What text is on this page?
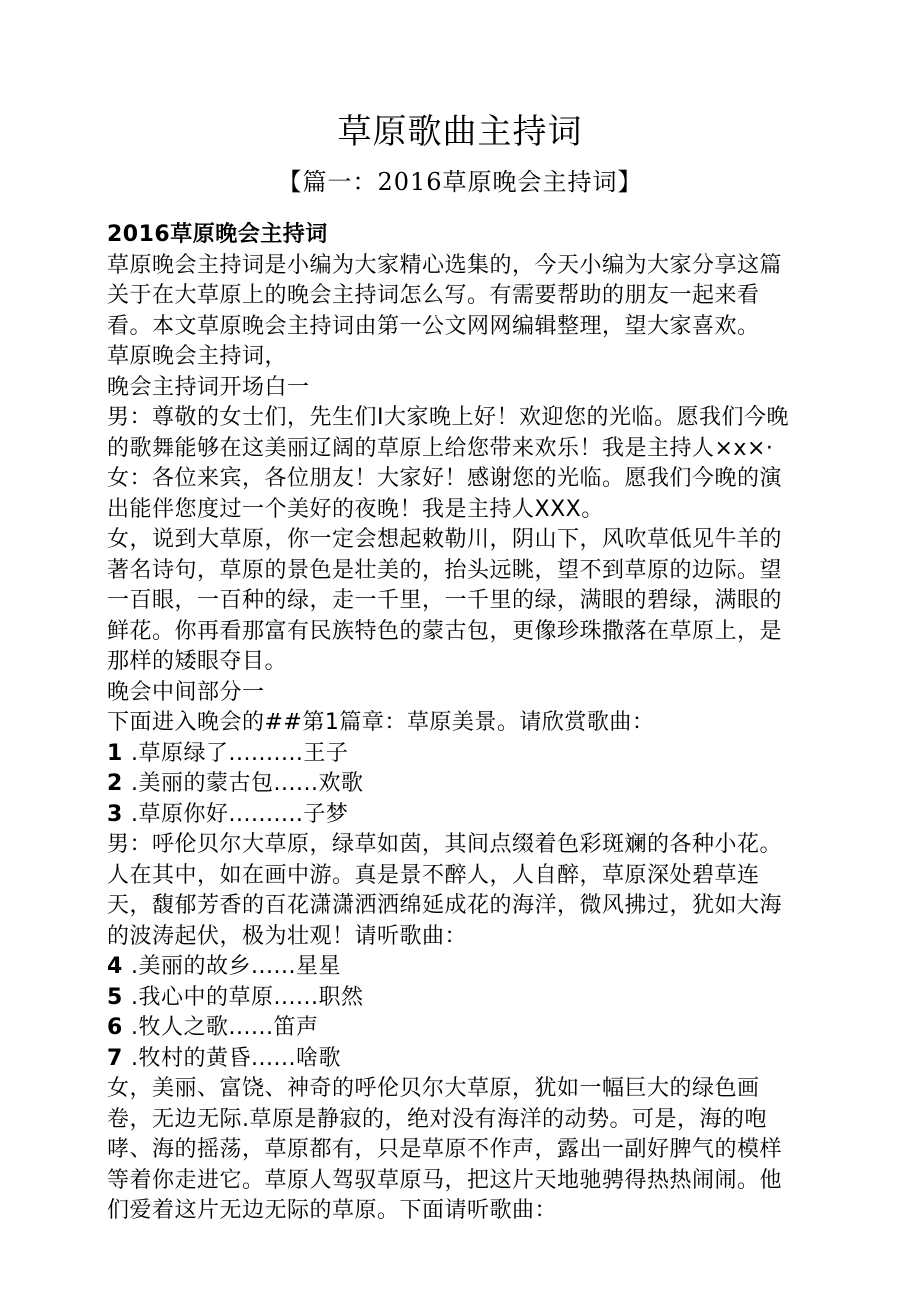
草原歌曲主持词
【篇一：2016草原晚会主持词】
2016草原晚会主持词
草原晚会主持词是小编为大家精心选集的，今天小编为大家分享这篇
关于在大草原上的晚会主持词怎么写。有需要帮助的朋友一起来看
看。本文草原晚会主持词由第一公文网网编辑整理，望大家喜欢。
草原晚会主持词，
晚会主持词开场白一
男：尊敬的女士们，先生们I大家晚上好！欢迎您的光临。愿我们今晚
的歌舞能够在这美丽辽阔的草原上给您带来欢乐！我是主持人×x×·
女：各位来宾，各位朋友！大家好！感谢您的光临。愿我们今晚的演
出能伴您度过一个美好的夜晚！我是主持人XXX。
女，说到大草原，你一定会想起敕勒川，阴山下，风吹草低见牛羊的
著名诗句，草原的景色是壮美的，抬头远眺，望不到草原的边际。望
一百眼，一百种的绿，走一千里，一千里的绿，满眼的碧绿，满眼的
鲜花。你再看那富有民族特色的蒙古包，更像珍珠撒落在草原上，是
那样的矮眼夺目。
晚会中间部分一
下面进入晚会的##第1篇章：草原美景。请欣赏歌曲：
1 .草原绿了..........王子
2 .美丽的蒙古包......欢歌
3 .草原你好..........子梦
男：呼伦贝尔大草原，绿草如茵，其间点缀着色彩斑斓的各种小花。
人在其中，如在画中游。真是景不醉人，人自醉，草原深处碧草连
天，馥郁芳香的百花潇潇洒洒绵延成花的海洋，微风拂过，犹如大海
的波涛起伏，极为壮观！请听歌曲：
4 .美丽的故乡......星星
5 .我心中的草原......职然
6 .牧人之歌......笛声
7 .牧村的黄昏......啥歌
女，美丽、富饶、神奇的呼伦贝尔大草原，犹如一幅巨大的绿色画
卷，无边无际.草原是静寂的，绝对没有海洋的动势。可是，海的咆
哮、海的摇荡，草原都有，只是草原不作声，露出一副好脾气的模样
等着你走进它。草原人驾驭草原马，把这片天地驰骋得热热闹闹。他
们爱着这片无边无际的草原。下面请听歌曲：
